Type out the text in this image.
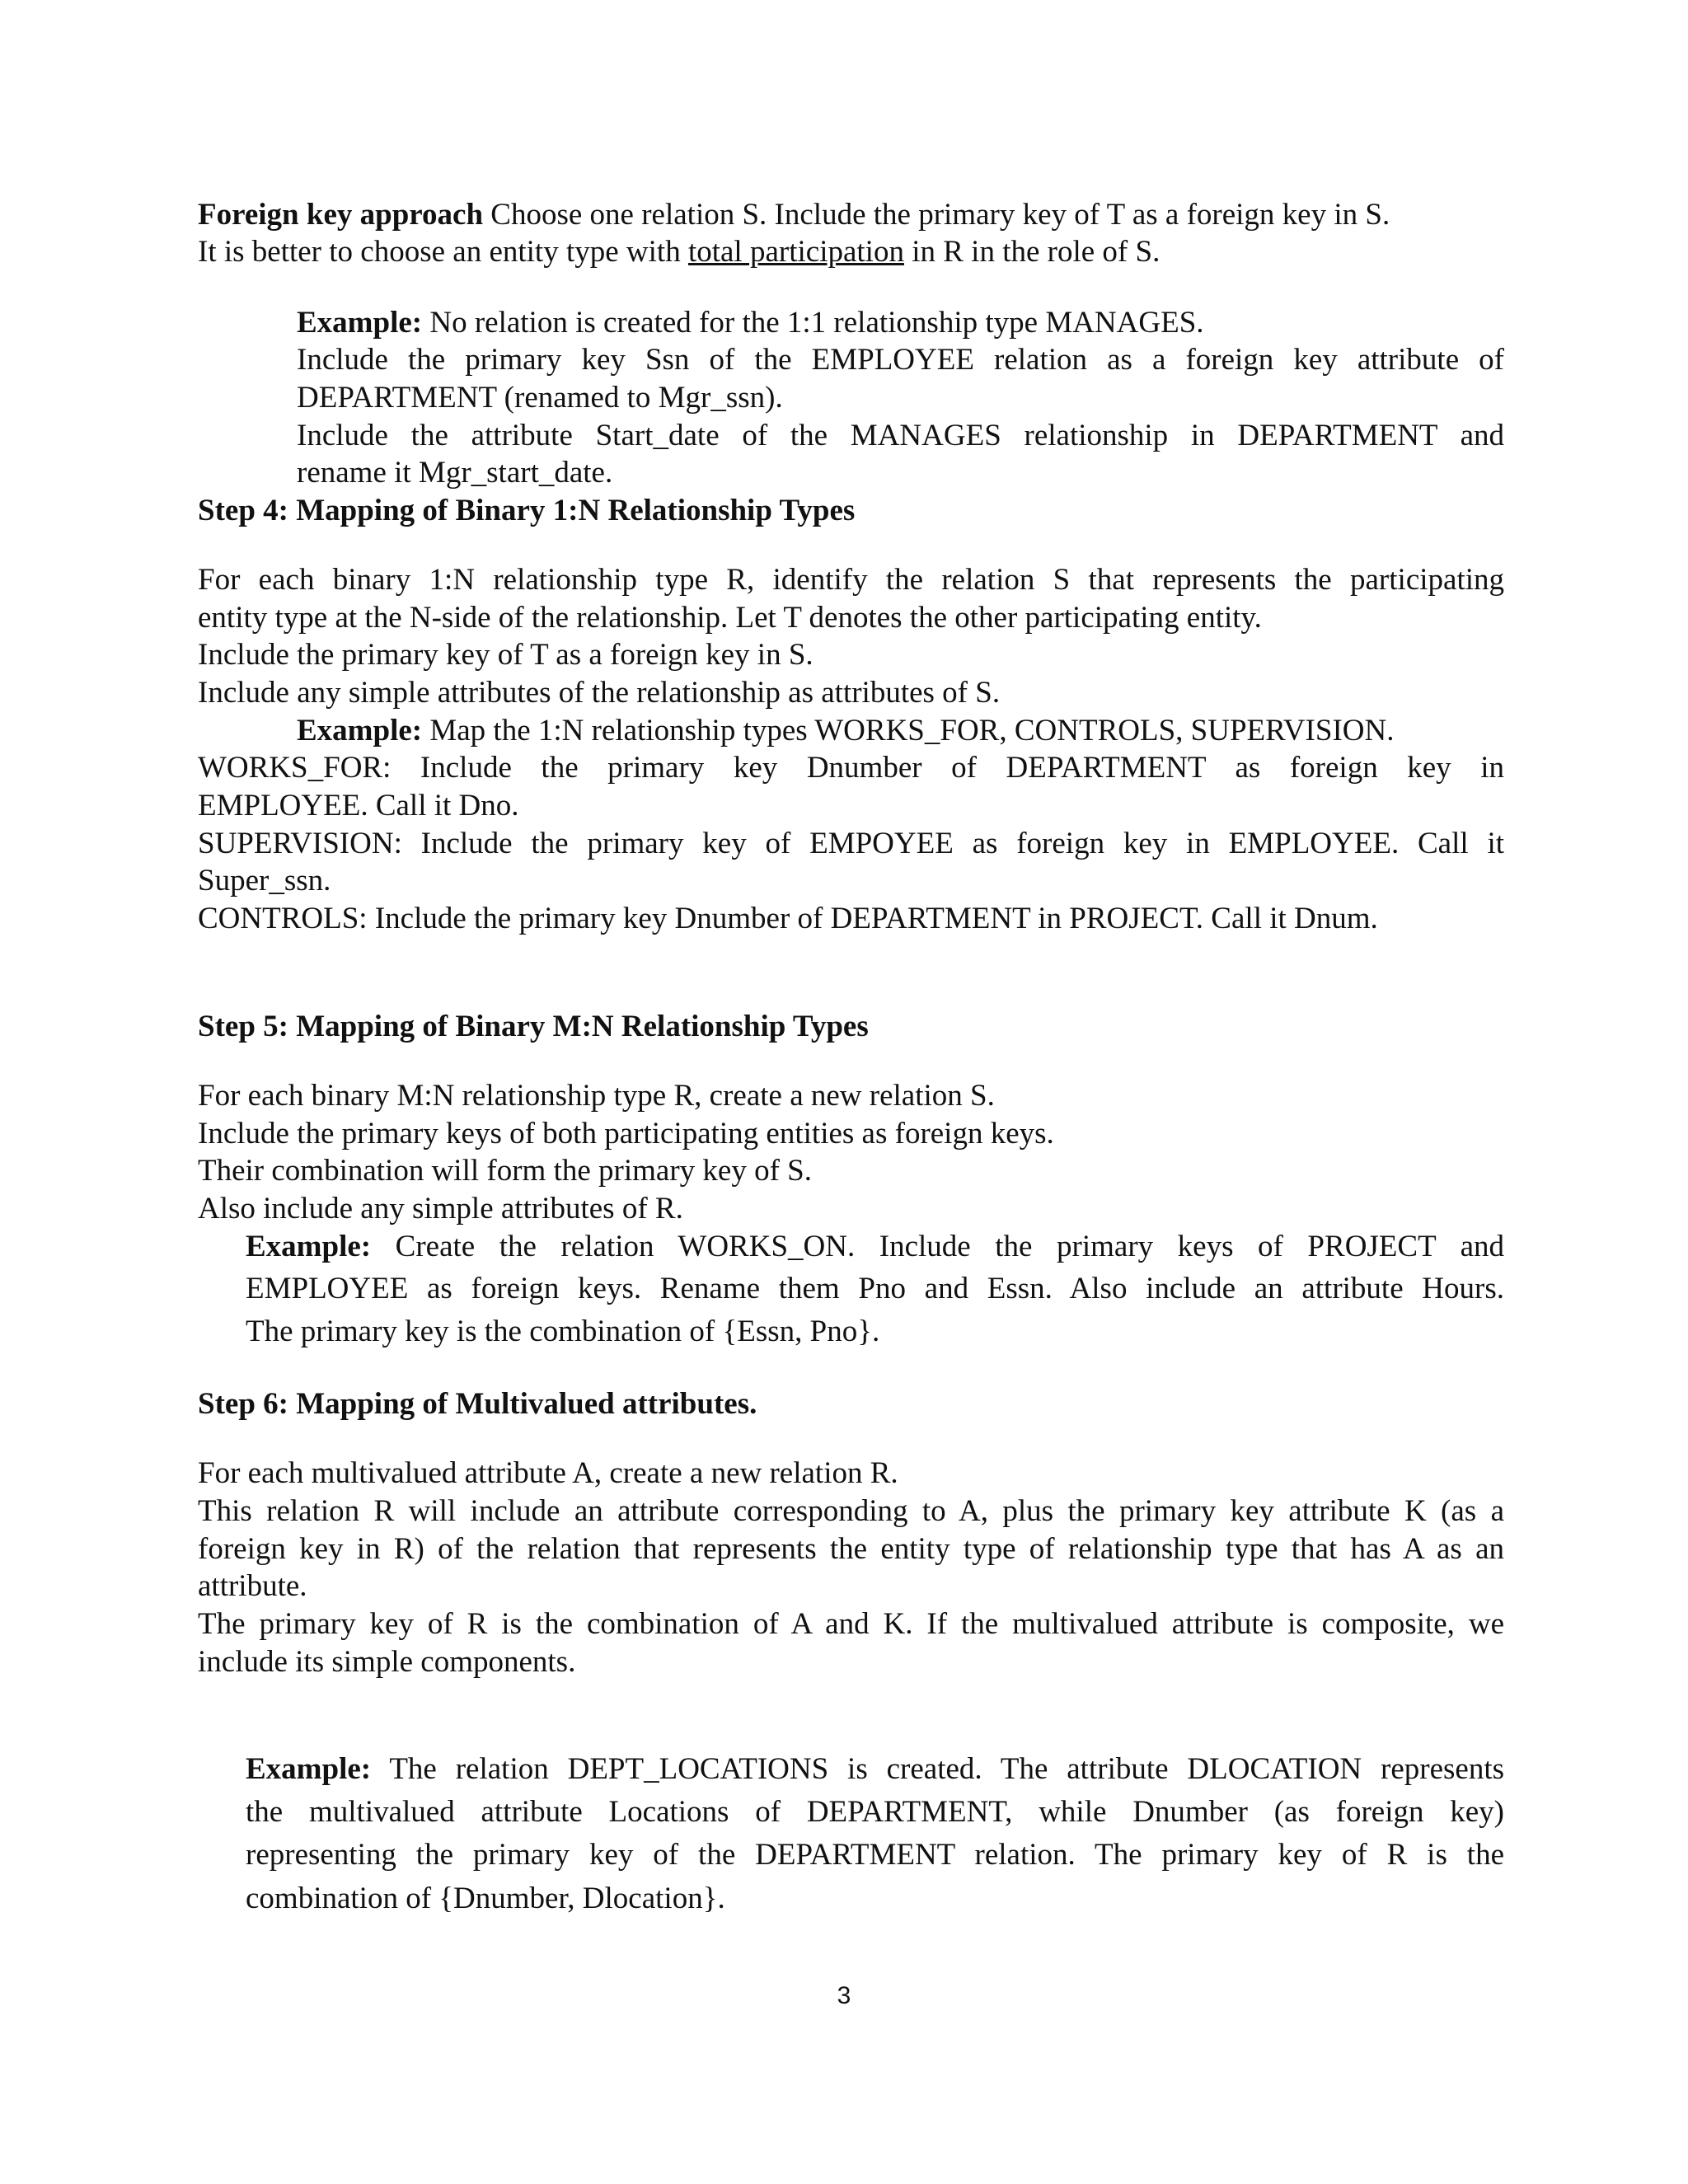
Foreign key approach Choose one relation S. Include the primary key of T as a foreign key in S.
It is better to choose an entity type with total participation in R in the role of S.
Example: No relation is created for the 1:1 relationship type MANAGES.
Include the primary key Ssn of the EMPLOYEE relation as a foreign key attribute of
DEPARTMENT (renamed to Mgr_ssn).
Include the attribute Start_date of the MANAGES relationship in DEPARTMENT and
rename it Mgr_start_date.
Step 4: Mapping of Binary 1:N Relationship Types
For each binary 1:N relationship type R, identify the relation S that represents the participating
entity type at the N-side of the relationship. Let T denotes the other participating entity.
Include the primary key of T as a foreign key in S.
Include any simple attributes of the relationship as attributes of S.
Example: Map the 1:N relationship types WORKS_FOR, CONTROLS, SUPERVISION.
WORKS_FOR: Include the primary key Dnumber of DEPARTMENT as foreign key in
EMPLOYEE. Call it Dno.
SUPERVISION: Include the primary key of EMPOYEE as foreign key in EMPLOYEE. Call it
Super_ssn.
CONTROLS: Include the primary key Dnumber of DEPARTMENT in PROJECT. Call it Dnum.
Step 5: Mapping of Binary M:N Relationship Types
For each binary M:N relationship type R, create a new relation S.
Include the primary keys of both participating entities as foreign keys.
Their combination will form the primary key of S.
Also include any simple attributes of R.
Example: Create the relation WORKS_ON. Include the primary keys of PROJECT and
EMPLOYEE as foreign keys. Rename them Pno and Essn. Also include an attribute Hours.
The primary key is the combination of {Essn, Pno}.
Step 6: Mapping of Multivalued attributes.
For each multivalued attribute A, create a new relation R.
This relation R will include an attribute corresponding to A, plus the primary key attribute K (as a
foreign key in R) of the relation that represents the entity type of relationship type that has A as an
attribute.
The primary key of R is the combination of A and K. If the multivalued attribute is composite, we
include its simple components.
Example: The relation DEPT_LOCATIONS is created. The attribute DLOCATION represents
the multivalued attribute Locations of DEPARTMENT, while Dnumber (as foreign key)
representing the primary key of the DEPARTMENT relation. The primary key of R is the
combination of {Dnumber, Dlocation}.
3
